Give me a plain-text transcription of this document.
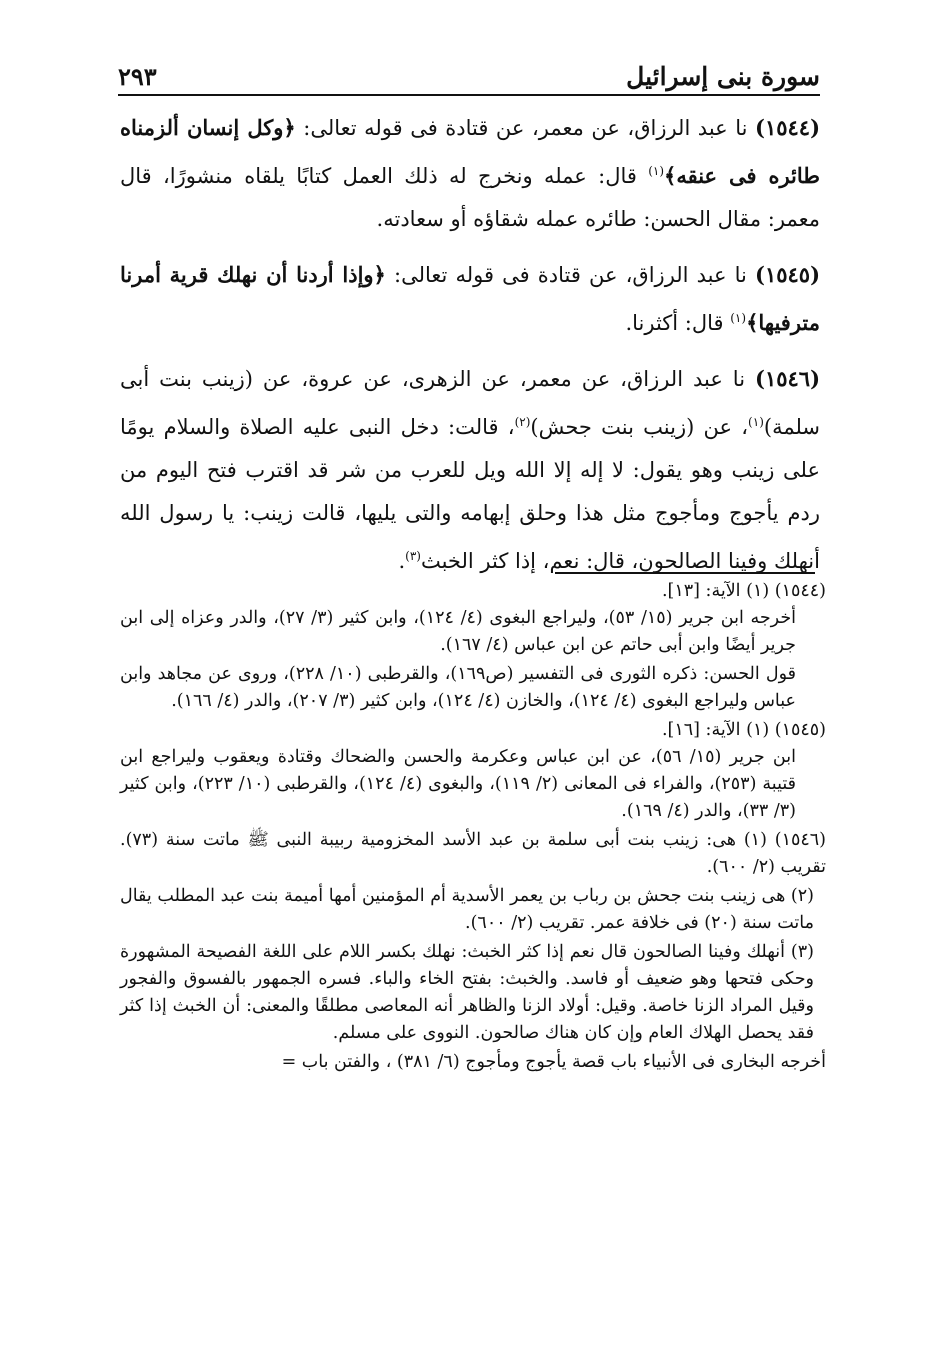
سورة بنى إسرائيل
٢٩٣

(١٥٤٤) نا عبد الرزاق، عن معمر، عن قتادة فى قوله تعالى: ﴿وكل إنسان ألزمناه طائره فى عنقه﴾$^{(١)}$ قال: عمله ونخرج له ذلك العمل كتابًا يلقاه منشورًا، قال معمر: مقال الحسن: طائره عمله شقاؤه أو سعادته.

(١٥٤٥) نا عبد الرزاق، عن قتادة فى قوله تعالى: ﴿وإذا أردنا أن نهلك قرية أمرنا مترفيها﴾$^{(١)}$ قال: أكثرنا.

(١٥٤٦) نا عبد الرزاق، عن معمر، عن الزهرى، عن عروة، عن (زينب بنت أبى سلمة)$^{(١)}$، عن (زينب بنت جحش)$^{(٢)}$، قالت: دخل النبى عليه الصلاة والسلام يومًا على زينب وهو يقول: لا إله إلا الله ويل للعرب من شر قد اقترب فتح اليوم من ردم يأجوج ومأجوج مثل هذا وحلق إبهامه والتى يليها، قالت زينب: يا رسول الله أنهلك وفينا الصالحون، قال: نعم، إذا كثر الخبث$^{(٣)}$.

(١٥٤٤) (١) الآية: [١٣].

أخرجه ابن جرير (١٥/ ٥٣)، وليراجع البغوى (٤/ ١٢٤)، وابن كثير (٣/ ٢٧)، والدر وعزاه إلى ابن جرير أيضًا وابن أبى حاتم عن ابن عباس (٤/ ١٦٧).

قول الحسن: ذكره الثورى فى التفسير (ص١٦٩)، والقرطبى (١٠/ ٢٢٨)، وروى عن مجاهد وابن عباس وليراجع البغوى (٤/ ١٢٤)، والخازن (٤/ ١٢٤)، وابن كثير (٣/ ٢٠٧)، والدر (٤/ ١٦٦).

(١٥٤٥) (١) الآية: [١٦].

ابن جرير (١٥/ ٥٦)، عن ابن عباس وعكرمة والحسن والضحاك وقتادة ويعقوب وليراجع ابن قتيبة (٢٥٣)، والفراء فى المعانى (٢/ ١١٩)، والبغوى (٤/ ١٢٤)، والقرطبى (١٠/ ٢٢٣)، وابن كثير (٣/ ٣٣)، والدر (٤/ ١٦٩).

(١٥٤٦) (١) هى: زينب بنت أبى سلمة بن عبد الأسد المخزومية ربيبة النبى ﷺ ماتت سنة (٧٣). تقريب (٢/ ٦٠٠).

(٢) هى زينب بنت جحش بن رباب بن يعمر الأسدية أم المؤمنين أمها أميمة بنت عبد المطلب يقال ماتت سنة (٢٠) فى خلافة عمر. تقريب (٢/ ٦٠٠).

(٣) أنهلك وفينا الصالحون قال نعم إذا كثر الخبث: نهلك بكسر اللام على اللغة الفصيحة المشهورة وحكى فتحها وهو ضعيف أو فاسد. والخبث: بفتح الخاء والباء. فسره الجمهور بالفسوق والفجور وقيل المراد الزنا خاصة. وقيل: أولاد الزنا والظاهر أنه المعاصى مطلقًا والمعنى: أن الخبث إذا كثر فقد يحصل الهلاك العام وإن كان هناك صالحون. النووى على مسلم.

أخرجه البخارى فى الأنبياء باب قصة يأجوج ومأجوج (٦/ ٣٨١) ، والفتن باب =
